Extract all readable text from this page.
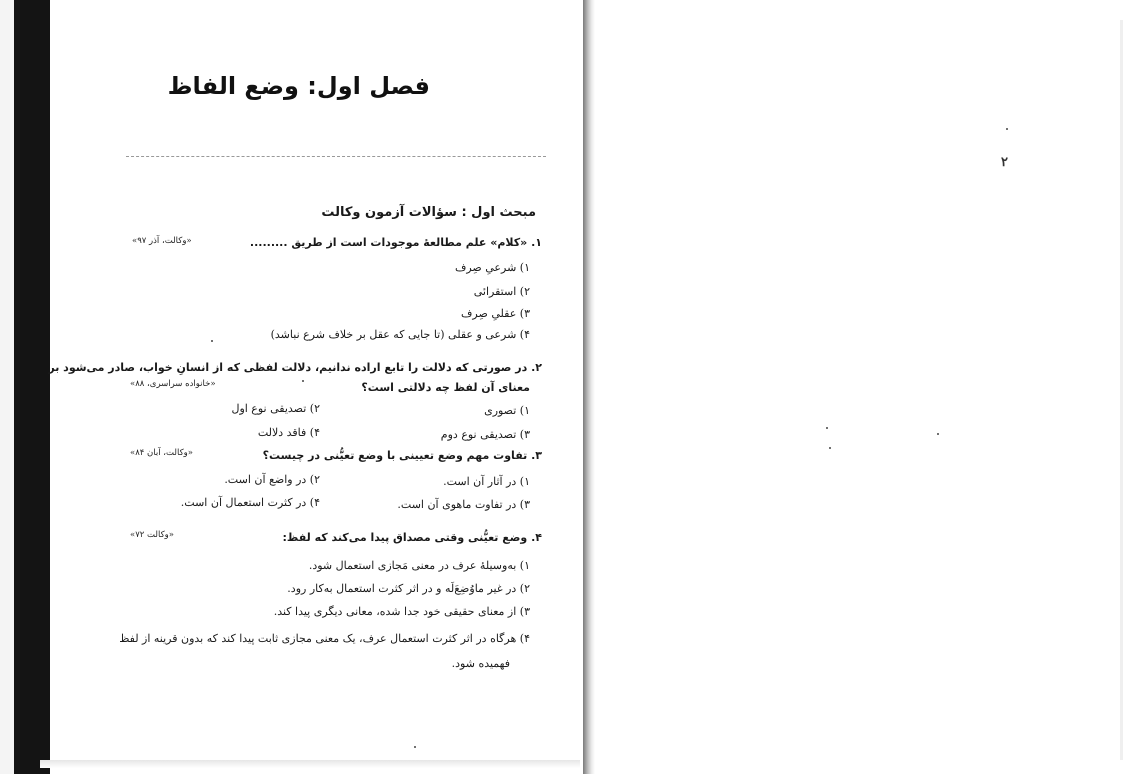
۲
فصل اول: وضع الفاظ
مبحث اول : سؤالات آزمون وکالت
۱. «کلام» علم مطالعهٔ موجودات است از طریق .........
«وکالت، آذر ۹۷»
۱) شرعیِ صِرف
۲) استقرائی
۳) عقلیِ صِرف
۴) شرعی و عقلی (تا جایی که عقل بر خلاف شرع نباشد)
۲. در صورتی که دلالت را تابع اراده ندانیم، دلالت لفظی که از انسانِ خواب، صادر می‌شود بر
معنای آن لفظ چه دلالتی است؟
«خانواده سراسری، ۸۸»
۱) تصوری
۲) تصدیقی نوع اول
۳) تصدیقی نوع دوم
۴) فاقد دلالت
۳. تفاوت مهم وضع تعیینی با وضع تعیُّنی در چیست؟
«وکالت، آبان ۸۴»
۱) در آثار آن است.
۲) در واضع آن است.
۳) در تفاوت ماهوی آن است.
۴) در کثرت استعمال آن است.
۴. وضع تعیُّنی وقتی مصداق پیدا می‌کند که لفظ:
«وکالت ۷۲»
۱) به‌وسیلهٔ عرف در معنی مَجازی استعمال شود.
۲) در غیر ماوُضِعَ‌لَه و در اثر کثرت استعمال به‌کار رود.
۳) از معنای حقیقی خود جدا شده، معانی دیگری پیدا کند.
۴) هرگاه در اثر کثرت استعمال عرف، یک معنی مجازی ثابت پیدا کند که بدون قرینه از لفظ
فهمیده شود.
